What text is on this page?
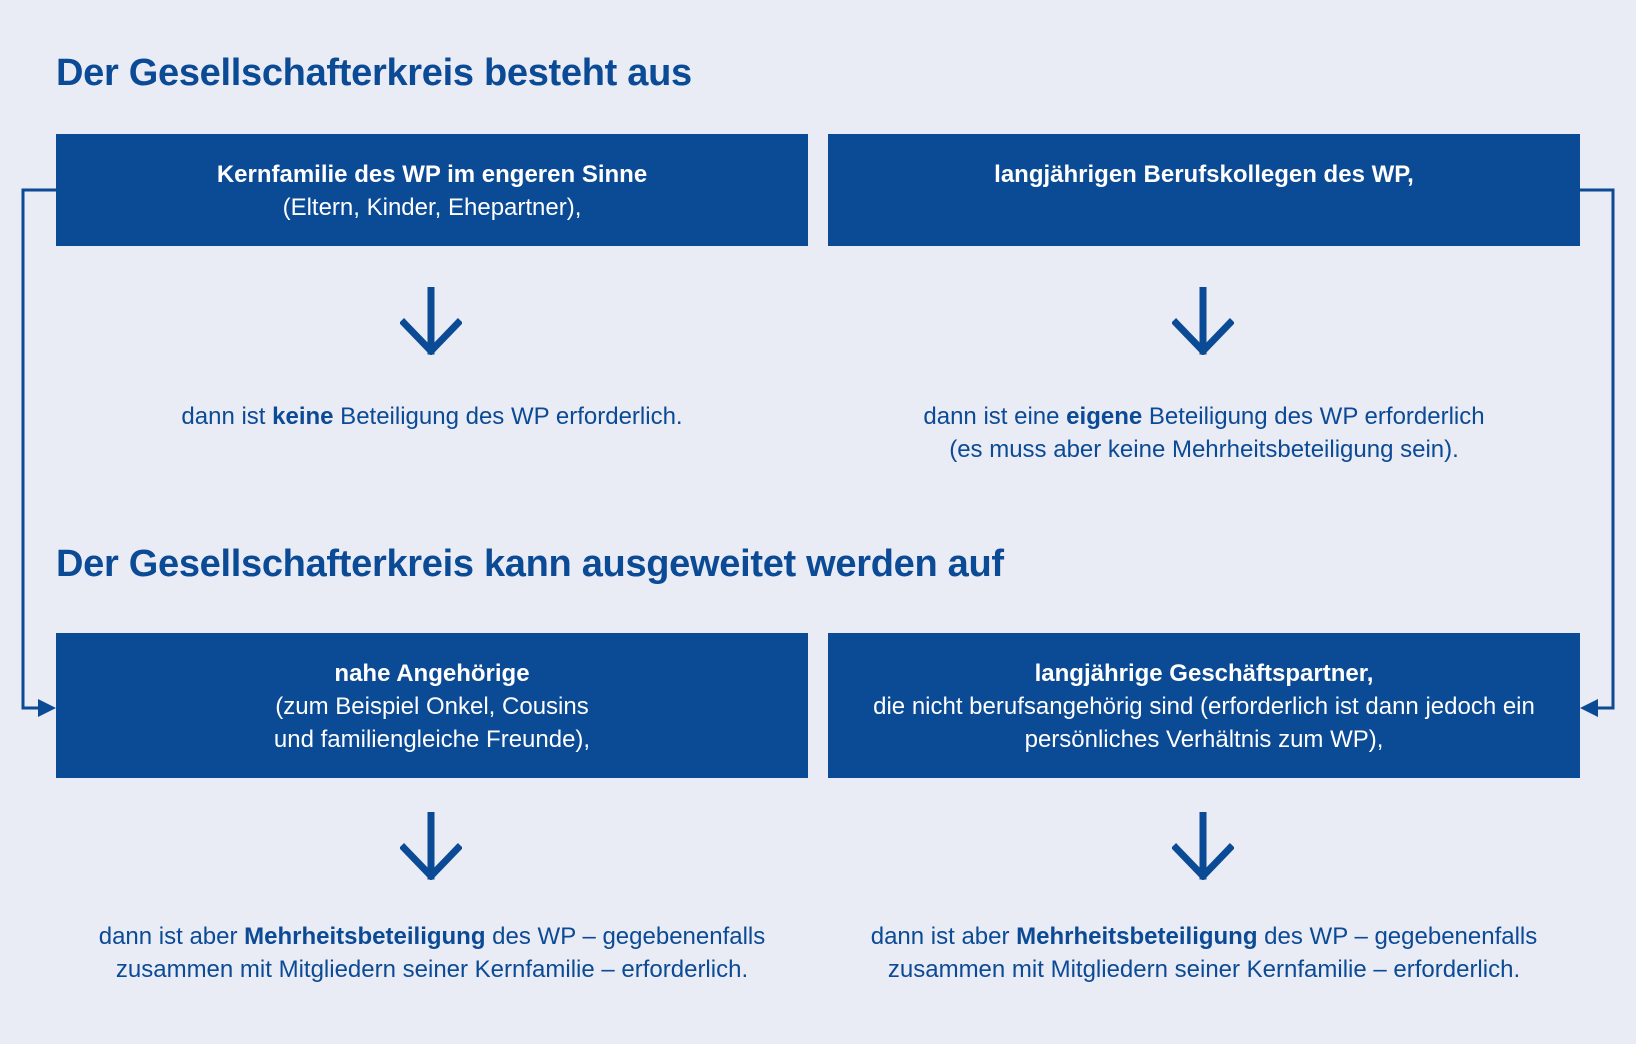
Der Gesellschafterkreis besteht aus
Kernfamilie des WP im engeren Sinne
(Eltern, Kinder, Ehepartner),
langjährigen Berufskollegen des WP,
dann ist keine Beteiligung des WP erforderlich.	dann ist eine eigene Beteiligung des WP erforderlich
(es muss aber keine Mehrheitsbeteiligung sein).
Der Gesellschafterkreis kann ausgeweitet werden auf
nahe Angehörige
(zum Beispiel Onkel, Cousins
und familiengleiche Freunde),
langjährige Geschäftspartner,
die nicht berufsangehörig sind (erforderlich ist dann jedoch ein
persönliches Verhältnis zum WP),
dann ist aber Mehrheitsbeteiligung des WP – gegebenenfalls
zusammen mit Mitgliedern seiner Kernfamilie – erforderlich.
dann ist aber Mehrheitsbeteiligung des WP – gegebenenfalls
zusammen mit Mitgliedern seiner Kernfamilie – erforderlich.
